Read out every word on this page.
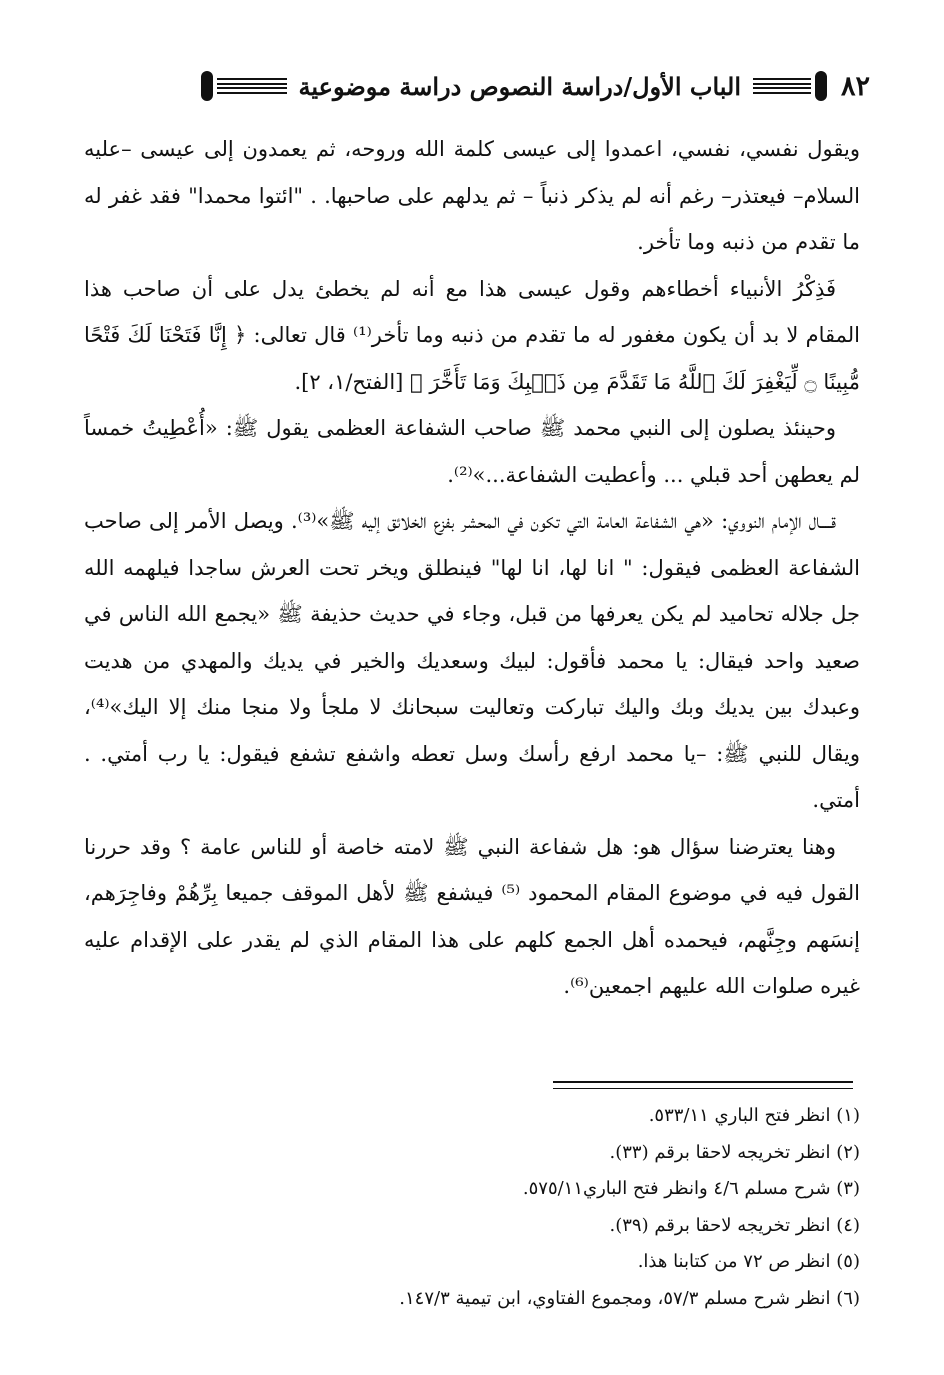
٨٢
الباب الأول/دراسة النصوص دراسة موضوعية

ويقول نفسي، نفسي، اعمدوا إلى عيسى كلمة الله وروحه، ثم يعمدون إلى عيسى –عليه السلام– فيعتذر– رغم أنه لم يذكر ذنباً – ثم يدلهم على صاحبها. . "ائتوا محمدا" فقد غفر له ما تقدم من ذنبه وما تأخر.

فَذِكْرُ الأنبياء أخطاءهم وقول عيسى هذا مع أنه لم يخطئ يدل على أن صاحب هذا المقام لا بد أن يكون مغفور له ما تقدم من ذنبه وما تأخر⁽¹⁾ قال تعالى: ﴿ إِنَّا فَتَحْنَا لَكَ فَتْحًا مُّبِينًا ۝ لِّيَغْفِرَ لَكَ ٱللَّهُ مَا تَقَدَّمَ مِن ذَنۢبِكَ وَمَا تَأَخَّرَ ﴾ [الفتح/١، ٢].

وحينئذ يصلون إلى النبي محمد ﷺ صاحب الشفاعة العظمى يقول ﷺ: «أُعْطِيتُ خمساً لم يعطهن أحد قبلي ... وأعطيت الشفاعة...»⁽²⁾.

قــــال الإمام النووي: «هي الشفاعة العامة التي تكون في المحشر بفزع الخلائق إليه ﷺ»⁽³⁾. ويصل الأمر إلى صاحب الشفاعة العظمى فيقول: " انا لها، انا لها" فينطلق ويخر تحت العرش ساجدا فيلهمه الله جل جلاله تحاميد لم يكن يعرفها من قبل، وجاء في حديث حذيفة ﷺ «يجمع الله الناس في صعيد واحد فيقال: يا محمد فأقول: لبيك وسعديك والخير في يديك والمهدي من هديت وعبدك بين يديك وبك واليك تباركت وتعاليت سبحانك لا ملجأ ولا منجا منك إلا اليك»⁽⁴⁾، ويقال للنبي ﷺ: –يا محمد ارفع رأسك وسل تعطه واشفع تشفع فيقول: يا رب أمتي. . أمتي.

وهنا يعترضنا سؤال هو: هل شفاعة النبي ﷺ لامته خاصة أو للناس عامة ؟ وقد حررنا القول فيه في موضوع المقام المحمود ⁽⁵⁾ فيشفع ﷺ لأهل الموقف جميعا بِرِّهُمْ وفاجِرَهم، إنسَهم وجِنَّهم، فيحمده أهل الجمع كلهم على هذا المقام الذي لم يقدر على الإقدام عليه غيره صلوات الله عليهم اجمعين⁽⁶⁾.

(١) انظر فتح الباري ٥٣٣/١١.
(٢) انظر تخريجه لاحقا برقم (٣٣).
(٣) شرح مسلم ٤/٦ وانظر فتح الباري٥٧٥/١١.
(٤) انظر تخريجه لاحقا برقم (٣٩).
(٥) انظر ص ٧٢ من كتابنا هذا.
(٦) انظر شرح مسلم ٥٧/٣، ومجموع الفتاوي، ابن تيمية ١٤٧/٣.
